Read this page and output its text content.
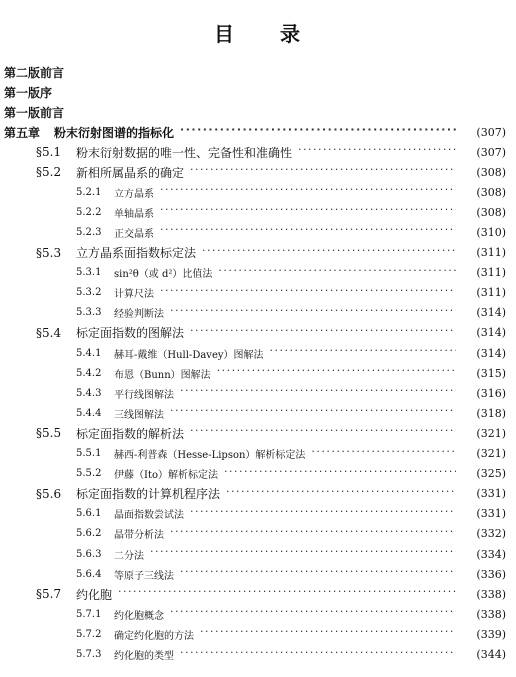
目 录
第二版前言
第一版序
第一版前言
第五章 粉末衍射图谱的指标化 ·····	(307)
§5.1	粉末衍射数据的唯一性、完备性和准确性 ·····	(307)
§5.2	新相所属晶系的确定 ·····	(308)
5.2.1	立方晶系 ·····	(308)
5.2.2	单轴晶系 ·····	(308)
5.2.3	正交晶系 ·····	(310)
§5.3	立方晶系面指数标定法 ·····	(311)
5.3.1	sin²θ（或 d²）比值法 ·····	(311)
5.3.2	计算尺法 ·····	(311)
5.3.3	经验判断法 ·····	(314)
§5.4	标定面指数的图解法 ·····	(314)
5.4.1	赫耳-戴维（Hull-Davey）图解法 ·····	(314)
5.4.2	布恩（Bunn）图解法 ·····	(315)
5.4.3	平行线图解法 ·····	(316)
5.4.4	三线图解法 ·····	(318)
§5.5	标定面指数的解析法 ·····	(321)
5.5.1	赫西-利普森（Hesse-Lipson）解析标定法 ·····	(321)
5.5.2	伊藤（Ito）解析标定法 ·····	(325)
§5.6	标定面指数的计算机程序法 ·····	(331)
5.6.1	晶面指数尝试法 ·····	(331)
5.6.2	晶带分析法 ·····	(332)
5.6.3	二分法 ·····	(334)
5.6.4	等原子三线法 ·····	(336)
§5.7	约化胞 ·····	(338)
5.7.1	约化胞概念 ·····	(338)
5.7.2	确定约化胞的方法 ·····	(339)
5.7.3	约化胞的类型 ·····	(344)
